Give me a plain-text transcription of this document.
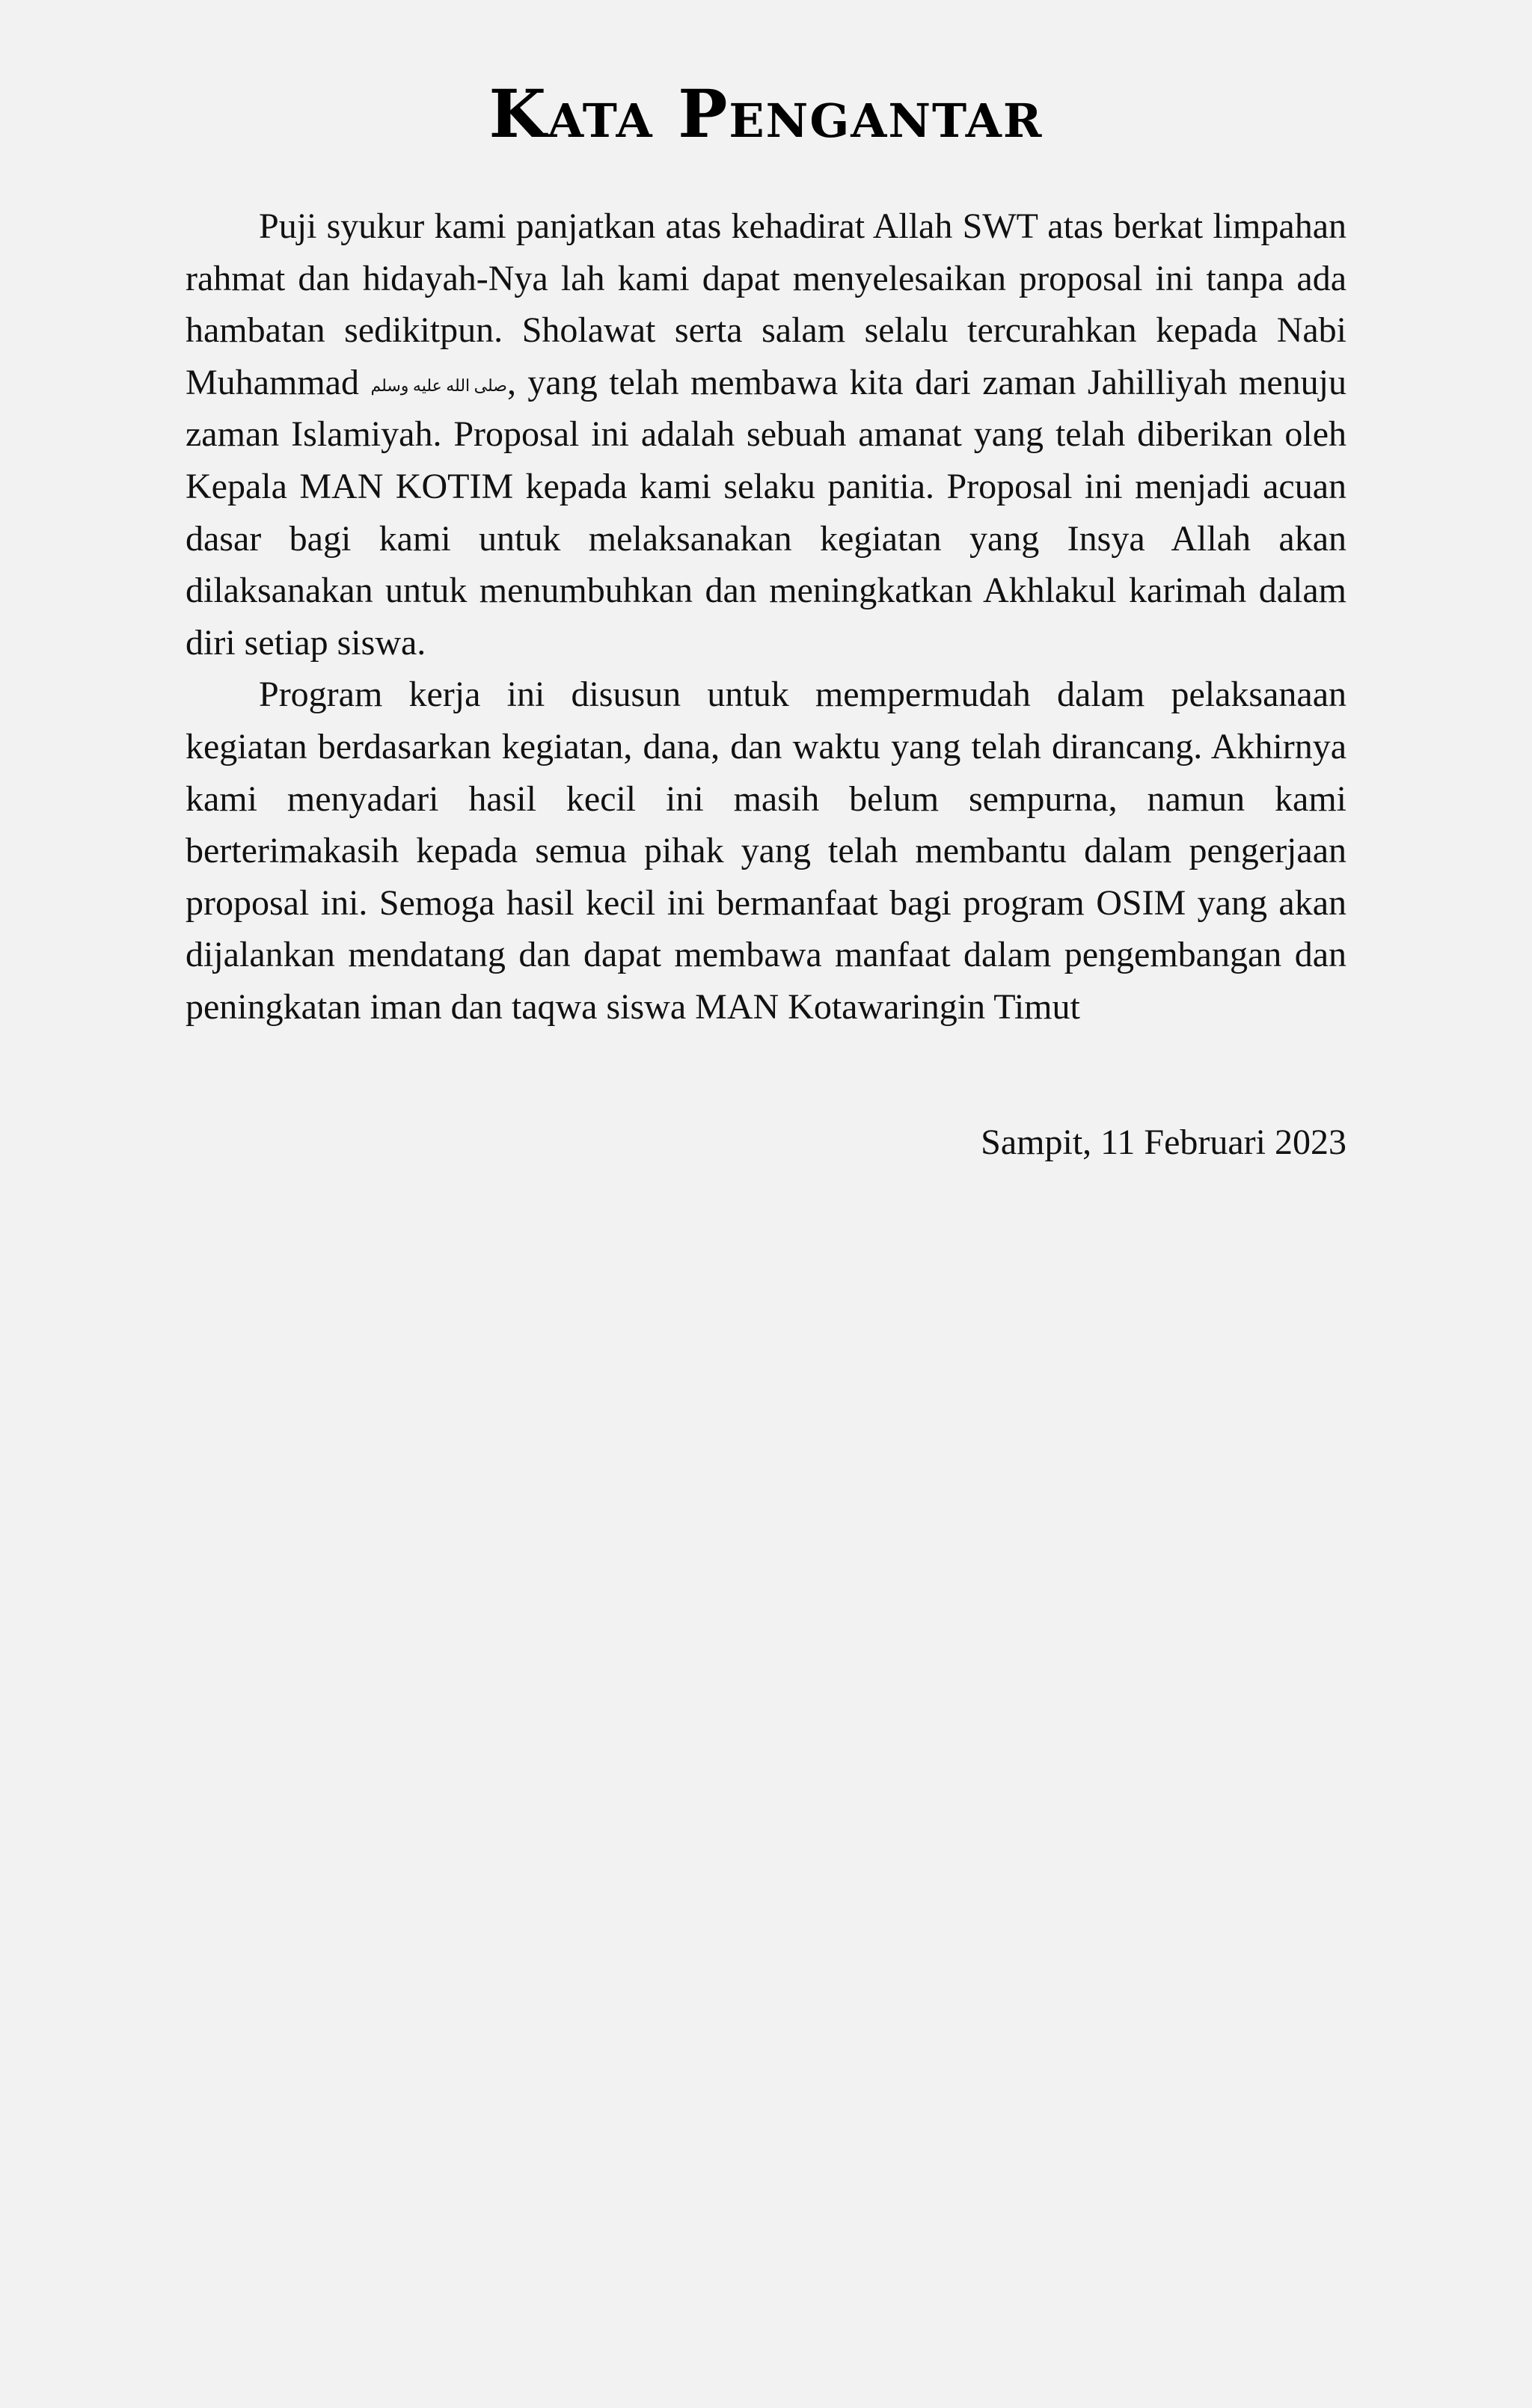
Kata Pengantar

Puji syukur kami panjatkan atas kehadirat Allah SWT atas berkat limpahan rahmat dan hidayah-Nya lah kami dapat menyelesaikan proposal ini tanpa ada hambatan sedikitpun. Sholawat serta salam selalu tercurahkan kepada Nabi Muhammad صلى الله عليه وسلم, yang telah membawa kita dari zaman Jahilliyah menuju zaman Islamiyah. Proposal ini adalah sebuah amanat yang telah diberikan oleh Kepala MAN KOTIM kepada kami selaku panitia. Proposal ini menjadi acuan dasar bagi kami untuk melaksanakan kegiatan yang Insya Allah akan dilaksanakan untuk menumbuhkan dan meningkatkan Akhlakul karimah dalam diri setiap siswa.

Program kerja ini disusun untuk mempermudah dalam pelaksanaan kegiatan berdasarkan kegiatan, dana, dan waktu yang telah dirancang. Akhirnya kami menyadari hasil kecil ini masih belum sempurna, namun kami berterimakasih kepada semua pihak yang telah membantu dalam pengerjaan proposal ini. Semoga hasil kecil ini bermanfaat bagi program OSIM yang akan dijalankan mendatang dan dapat membawa manfaat dalam pengembangan dan peningkatan iman dan taqwa siswa MAN Kotawaringin Timut

Sampit, 11 Februari 2023
